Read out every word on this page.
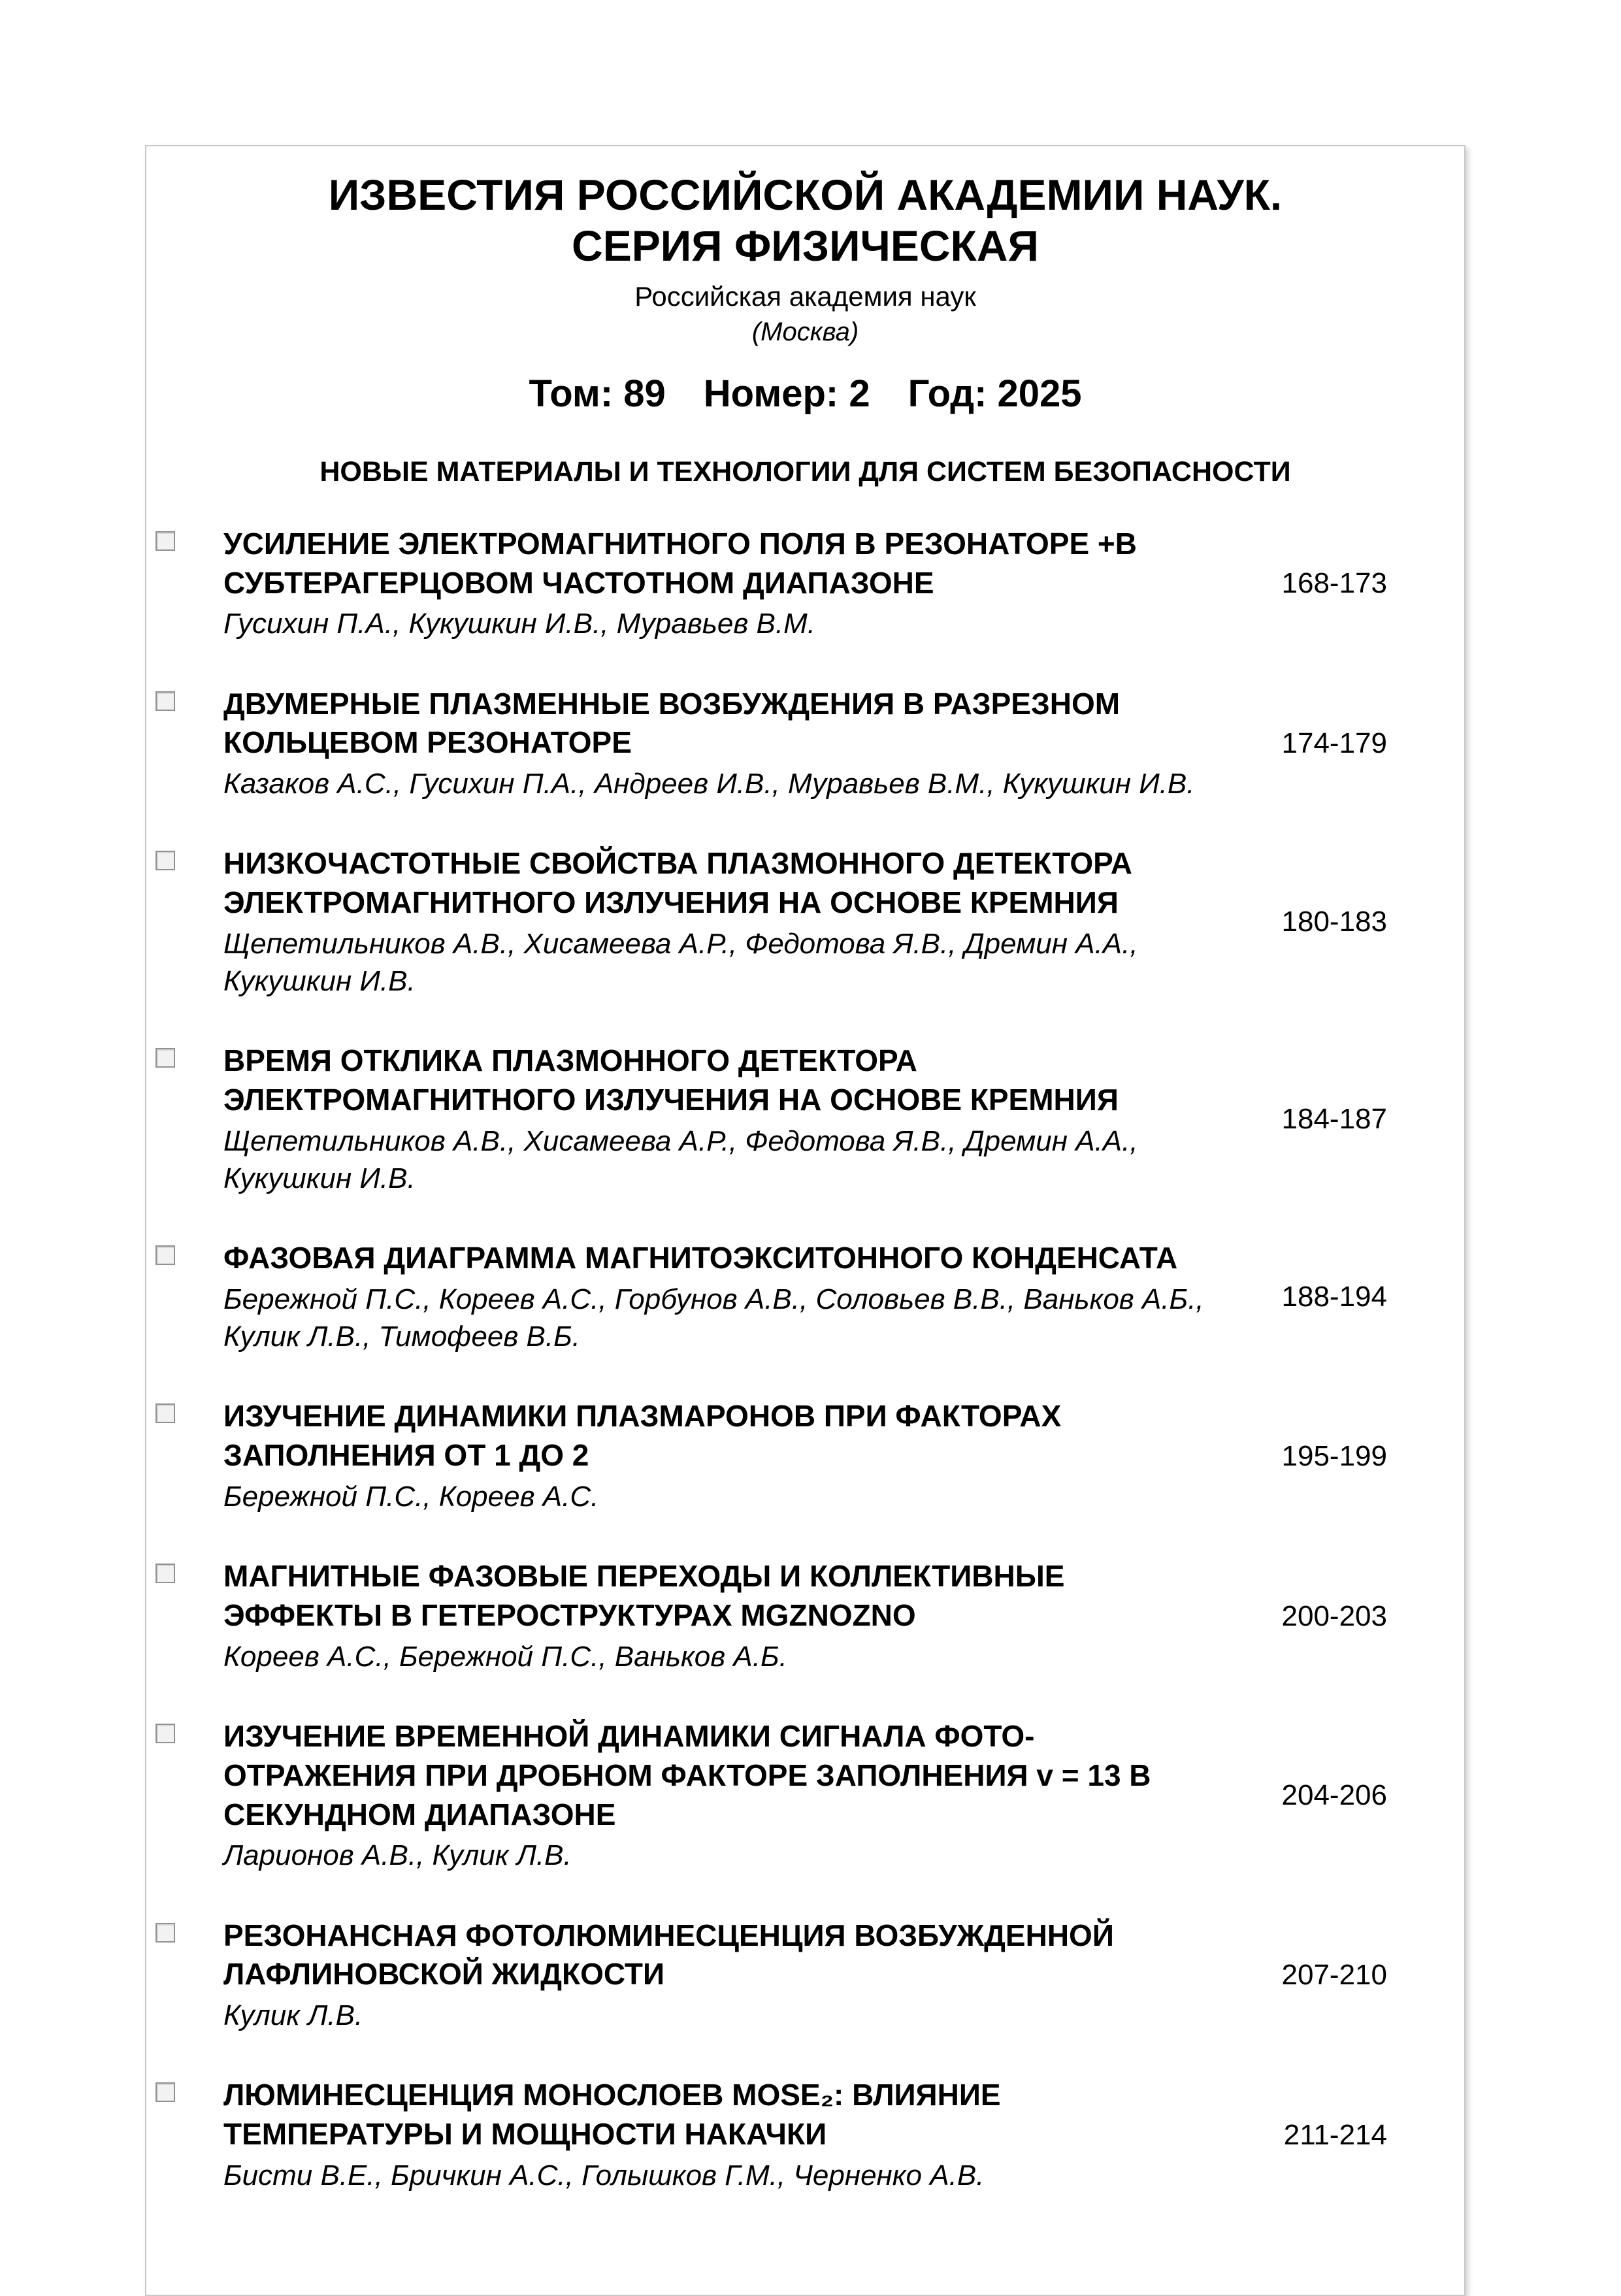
ИЗВЕСТИЯ РОССИЙСКОЙ АКАДЕМИИ НАУК.
СЕРИЯ ФИЗИЧЕСКАЯ
Российская академия наук
(Москва)
Том: 89 Номер: 2 Год: 2025
НОВЫЕ МАТЕРИАЛЫ И ТЕХНОЛОГИИ ДЛЯ СИСТЕМ БЕЗОПАСНОСТИ
УСИЛЕНИЕ ЭЛЕКТРОМАГНИТНОГО ПОЛЯ В РЕЗОНАТОРЕ +В СУБТЕРАГЕРЦОВОМ ЧАСТОТНОМ ДИАПАЗОНЕ
Гусихин П.А., Кукушкин И.В., Муравьев В.М.
168-173
ДВУМЕРНЫЕ ПЛАЗМЕННЫЕ ВОЗБУЖДЕНИЯ В РАЗРЕЗНОМ КОЛЬЦЕВОМ РЕЗОНАТОРЕ
Казаков А.С., Гусихин П.А., Андреев И.В., Муравьев В.М., Кукушкин И.В.
174-179
НИЗКОЧАСТОТНЫЕ СВОЙСТВА ПЛАЗМОННОГО ДЕТЕКТОРА ЭЛЕКТРОМАГНИТНОГО ИЗЛУЧЕНИЯ НА ОСНОВЕ КРЕМНИЯ
Щепетильников А.В., Хисамеева А.Р., Федотова Я.В., Дремин А.А., Кукушкин И.В.
180-183
ВРЕМЯ ОТКЛИКА ПЛАЗМОННОГО ДЕТЕКТОРА ЭЛЕКТРОМАГНИТНОГО ИЗЛУЧЕНИЯ НА ОСНОВЕ КРЕМНИЯ
Щепетильников А.В., Хисамеева А.Р., Федотова Я.В., Дремин А.А., Кукушкин И.В.
184-187
ФАЗОВАЯ ДИАГРАММА МАГНИТОЭКСИТОННОГО КОНДЕНСАТА
Бережной П.С., Кореев А.С., Горбунов А.В., Соловьев В.В., Ваньков А.Б., Кулик Л.В., Тимофеев В.Б.
188-194
ИЗУЧЕНИЕ ДИНАМИКИ ПЛАЗМАРОНОВ ПРИ ФАКТОРАХ ЗАПОЛНЕНИЯ ОТ 1 ДО 2
Бережной П.С., Кореев А.С.
195-199
МАГНИТНЫЕ ФАЗОВЫЕ ПЕРЕХОДЫ И КОЛЛЕКТИВНЫЕ ЭФФЕКТЫ В ГЕТЕРОСТРУКТУРАХ MGZNOZNO
Кореев А.С., Бережной П.С., Ваньков А.Б.
200-203
ИЗУЧЕНИЕ ВРЕМЕННОЙ ДИНАМИКИ СИГНАЛА ФОТО-ОТРАЖЕНИЯ ПРИ ДРОБНОМ ФАКТОРЕ ЗАПОЛНЕНИЯ v = 13 В СЕКУНДНОМ ДИАПАЗОНЕ
Ларионов А.В., Кулик Л.В.
204-206
РЕЗОНАНСНАЯ ФОТОЛЮМИНЕСЦЕНЦИЯ ВОЗБУЖДЕННОЙ ЛАФЛИНОВСКОЙ ЖИДКОСТИ
Кулик Л.В.
207-210
ЛЮМИНЕСЦЕНЦИЯ МОНОСЛОЕВ MOSE₂: ВЛИЯНИЕ ТЕМПЕРАТУРЫ И МОЩНОСТИ НАКАЧКИ
Бисти В.Е., Бричкин А.С., Голышков Г.М., Черненко А.В.
211-214
